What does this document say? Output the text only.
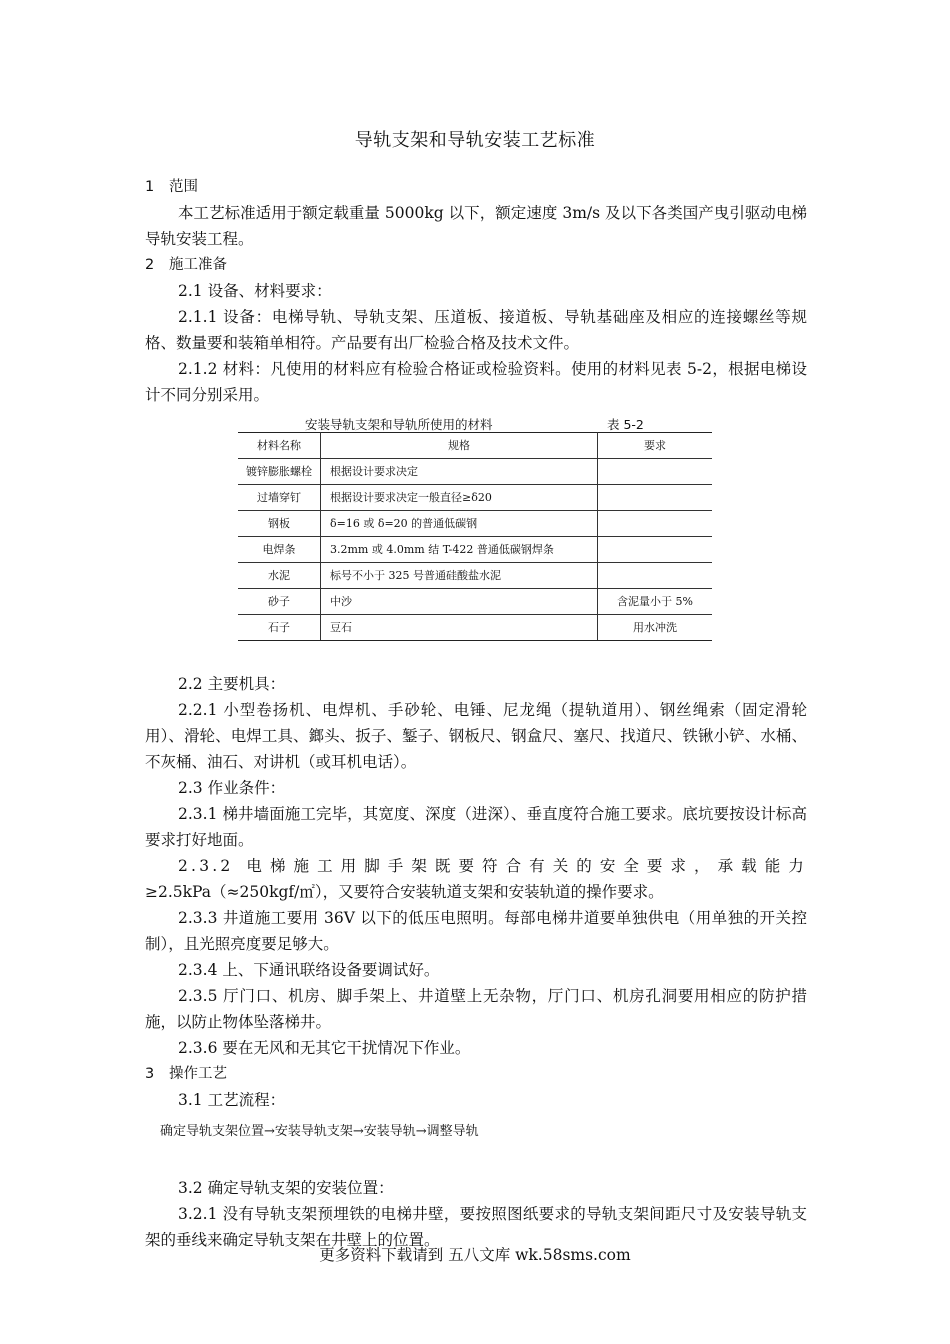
导轨支架和导轨安装工艺标准
1 范围

本工艺标准适用于额定载重量 5000kg 以下，额定速度 3m/s 及以下各类国产曳引驱动电梯导轨安装工程。

2 施工准备

2.1 设备、材料要求：

2.1.1 设备：电梯导轨、导轨支架、压道板、接道板、导轨基础座及相应的连接螺丝等规格、数量要和装箱单相符。产品要有出厂检验合格及技术文件。

2.1.2 材料：凡使用的材料应有检验合格证或检验资料。使用的材料见表 5-2，根据电梯设计不同分别采用。

安装导轨支架和导轨所使用的材料	表 5-2
材料名称	规格	要求
镀锌膨胀螺栓	根据设计要求决定	
过墙穿钉	根据设计要求决定一般直径≥δ20	
钢板	δ=16 或 δ=20 的普通低碳钢	
电焊条	3.2mm 或 4.0mm 结 T-422 普通低碳钢焊条	
水泥	标号不小于 325 号普通硅酸盐水泥	
砂子	中沙	含泥量小于 5%
石子	豆石	用水冲洗

2.2 主要机具：

2.2.1 小型卷扬机、电焊机、手砂轮、电锤、尼龙绳（提轨道用）、钢丝绳索（固定滑轮用）、滑轮、电焊工具、鎯头、扳子、錾子、钢板尺、钢盒尺、塞尺、找道尺、铁锹小铲、水桶、不灰桶、油石、对讲机（或耳机电话）。

2.3 作业条件：

2.3.1 梯井墙面施工完毕，其宽度、深度（进深）、垂直度符合施工要求。底坑要按设计标高要求打好地面。

2.3.2 电梯施工用脚手架既要符合有关的安全要求，承载能力

≥2.5kPa（≈250kgf/㎡），又要符合安装轨道支架和安装轨道的操作要求。

2.3.3 井道施工要用 36V 以下的低压电照明。每部电梯井道要单独供电（用单独的开关控制），且光照亮度要足够大。

2.3.4 上、下通讯联络设备要调试好。

2.3.5 厅门口、机房、脚手架上、井道壁上无杂物，厅门口、机房孔洞要用相应的防护措施，以防止物体坠落梯井。

2.3.6 要在无风和无其它干扰情况下作业。

3 操作工艺

3.1 工艺流程：

确定导轨支架位置→安装导轨支架→安装导轨→调整导轨

3.2 确定导轨支架的安装位置：

3.2.1 没有导轨支架预埋铁的电梯井壁，要按照图纸要求的导轨支架间距尺寸及安装导轨支架的垂线来确定导轨支架在井壁上的位置。

更多资料下载请到 五八文库 wk.58sms.com
